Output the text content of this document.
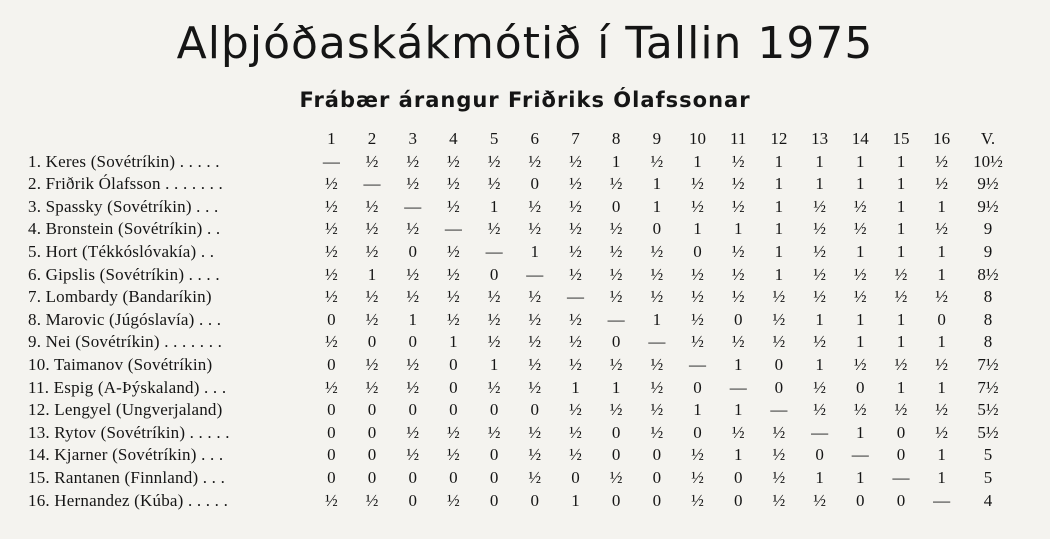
Alþjóðaskákmótið í Tallin 1975
Frábær árangur Friðriks Ólafssonar
	1	2	3	4	5	6	7	8	9	10	11	12	13	14	15	16	V.
1. Keres (Sovétríkin) . . . . .	—	½	½	½	½	½	½	1	½	1	½	1	1	1	1	½	10½
2. Friðrik Ólafsson . . . . . . .	½	—	½	½	½	0	½	½	1	½	½	1	1	1	1	½	9½
3. Spassky (Sovétríkin) . . .	½	½	—	½	1	½	½	0	1	½	½	1	½	½	1	1	9½
4. Bronstein (Sovétríkin) . .	½	½	½	—	½	½	½	½	0	1	1	1	½	½	1	½	9
5. Hort (Tékkóslóvakía) . .	½	½	0	½	—	1	½	½	½	0	½	1	½	1	1	1	9
6. Gipslis (Sovétríkin) . . . .	½	1	½	½	0	—	½	½	½	½	½	1	½	½	½	1	8½
7. Lombardy (Bandaríkin)	½	½	½	½	½	½	—	½	½	½	½	½	½	½	½	½	8
8. Marovic (Júgóslavía) . . .	0	½	1	½	½	½	½	—	1	½	0	½	1	1	1	0	8
9. Nei (Sovétríkin) . . . . . . .	½	0	0	1	½	½	½	0	—	½	½	½	½	1	1	1	8
10. Taimanov (Sovétríkin)	0	½	½	0	1	½	½	½	½	—	1	0	1	½	½	½	7½
11. Espig (A-Þýskaland) . . .	½	½	½	0	½	½	1	1	½	0	—	0	½	0	1	1	7½
12. Lengyel (Ungverjaland)	0	0	0	0	0	0	½	½	½	1	1	—	½	½	½	½	5½
13. Rytov (Sovétríkin) . . . . .	0	0	½	½	½	½	½	0	½	0	½	½	—	1	0	½	5½
14. Kjarner (Sovétríkin) . . .	0	0	½	½	0	½	½	0	0	½	1	½	0	—	0	1	5
15. Rantanen (Finnland) . . .	0	0	0	0	0	½	0	½	0	½	0	½	1	1	—	1	5
16. Hernandez (Kúba) . . . . .	½	½	0	½	0	0	1	0	0	½	0	½	½	0	0	—	4
